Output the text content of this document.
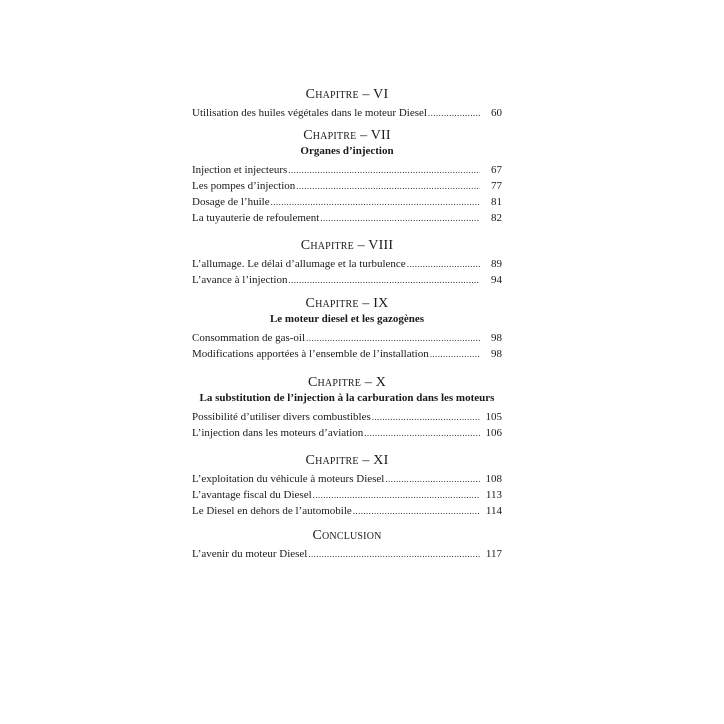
Chapitre – VI
Utilisation des huiles végétales dans le moteur Diesel .....	60
Chapitre – VII
Organes d’injection
Injection et injecteurs .....	67
Les pompes d’injection .....	77
Dosage de l’huile .....	81
La tuyauterie de refoulement .....	82
Chapitre – VIII
L’allumage. Le délai d’allumage et la turbulence .....	89
L’avance à l’injection .....	94
Chapitre – IX
Le moteur diesel et les gazogènes
Consommation de gas-oil .....	98
Modifications apportées à l’ensemble de l’installation .....	98
Chapitre – X
La substitution de l’injection à la carburation dans les moteurs
Possibilité d’utiliser divers combustibles .....	105
L’injection dans les moteurs d’aviation .....	106
Chapitre – XI
L’exploitation du véhicule à moteurs Diesel .....	108
L’avantage fiscal du Diesel .....	113
Le Diesel en dehors de l’automobile .....	114
Conclusion
L’avenir du moteur Diesel .....	117
